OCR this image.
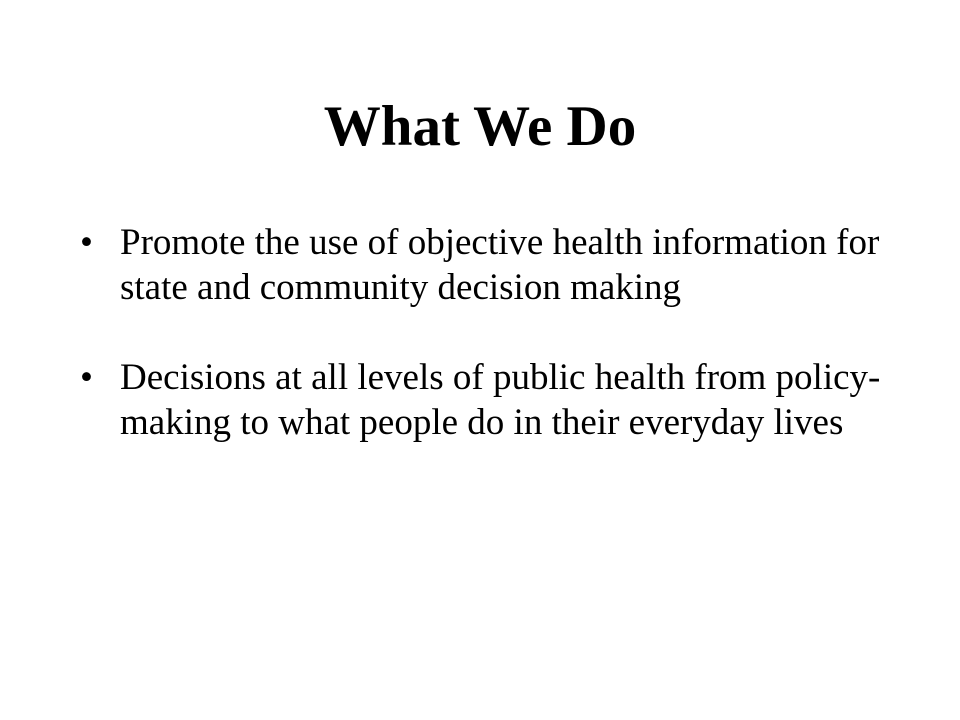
What We Do
• Promote the use of objective health information for state and community decision making
• Decisions at all levels of public health from policy-making to what people do in their everyday lives
